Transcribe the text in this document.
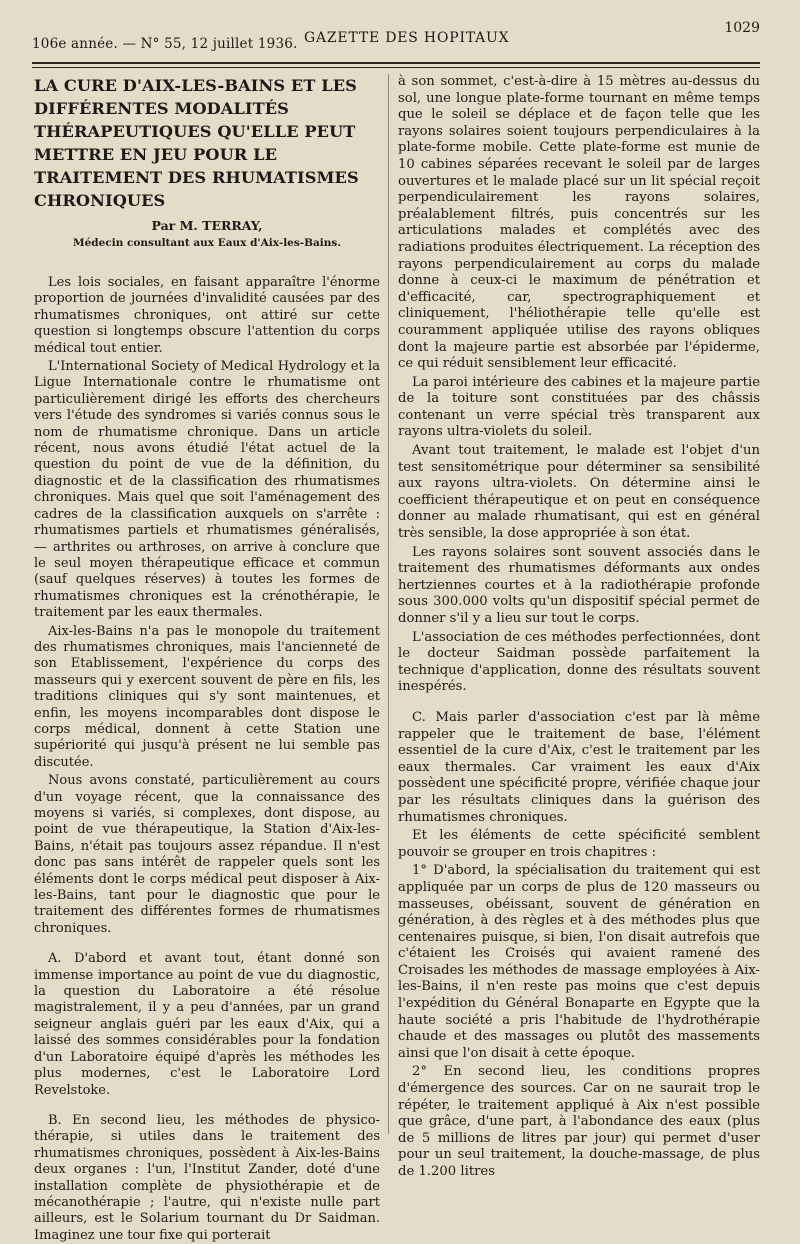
106e année. — N° 55, 12 juillet 1936. GAZETTE DES HOPITAUX
1029
LA CURE D'AIX-LES-BAINS ET LES DIFFÉRENTES MODALITÉS THÉRAPEUTIQUES QU'ELLE PEUT METTRE EN JEU POUR LE TRAITEMENT DES RHUMATISMES CHRONIQUES
Par M. TERRAY,
Médecin consultant aux Eaux d'Aix-les-Bains.

Les lois sociales, en faisant apparaître l'énorme proportion de journées d'invalidité causées par des rhumatismes chroniques, ont attiré sur cette question si longtemps obscure l'attention du corps médical tout entier.

L'International Society of Medical Hydrology et la Ligue Internationale contre le rhumatisme ont particulièrement dirigé les efforts des chercheurs vers l'étude des syndromes si variés connus sous le nom de rhumatisme chronique. Dans un article récent, nous avons étudié l'état actuel de la question du point de vue de la définition, du diagnostic et de la classification des rhumatismes chroniques. Mais quel que soit l'aménagement des cadres de la classification auxquels on s'arrête : rhumatismes partiels et rhumatismes généralisés, — arthrites ou arthroses, on arrive à conclure que le seul moyen thérapeutique efficace et commun (sauf quelques réserves) à toutes les formes de rhumatismes chroniques est la crénothérapie, le traitement par les eaux thermales.

Aix-les-Bains n'a pas le monopole du traitement des rhumatismes chroniques, mais l'ancienneté de son Etablissement, l'expérience du corps des masseurs qui y exercent souvent de père en fils, les traditions cliniques qui s'y sont maintenues, et enfin, les moyens incomparables dont dispose le corps médical, donnent à cette Station une supériorité qui jusqu'à présent ne lui semble pas discutée.

Nous avons constaté, particulièrement au cours d'un voyage récent, que la connaissance des moyens si variés, si complexes, dont dispose, au point de vue thérapeutique, la Station d'Aix-les-Bains, n'était pas toujours assez répandue. Il n'est donc pas sans intérêt de rappeler quels sont les éléments dont le corps médical peut disposer à Aix-les-Bains, tant pour le diagnostic que pour le traitement des différentes formes de rhumatismes chroniques.

A. D'abord et avant tout, étant donné son immense importance au point de vue du diagnostic, la question du Laboratoire a été résolue magistralement, il y a peu d'années, par un grand seigneur anglais guéri par les eaux d'Aix, qui a laissé des sommes considérables pour la fondation d'un Laboratoire équipé d'après les méthodes les plus modernes, c'est le Laboratoire Lord Revelstoke.

B. En second lieu, les méthodes de physico-thérapie, si utiles dans le traitement des rhumatismes chroniques, possèdent à Aix-les-Bains deux organes : l'un, l'Institut Zander, doté d'une installation complète de physiothérapie et de mécanothérapie ; l'autre, qui n'existe nulle part ailleurs, est le Solarium tournant du Dr Saidman. Imaginez une tour fixe qui porterait

à son sommet, c'est-à-dire à 15 mètres au-dessus du sol, une longue plate-forme tournant en même temps que le soleil se déplace et de façon telle que les rayons solaires soient toujours perpendiculaires à la plate-forme mobile. Cette plate-forme est munie de 10 cabines séparées recevant le soleil par de larges ouvertures et le malade placé sur un lit spécial reçoit perpendiculairement les rayons solaires, préalablement filtrés, puis concentrés sur les articulations malades et complétés avec des radiations produites électriquement. La réception des rayons perpendiculairement au corps du malade donne à ceux-ci le maximum de pénétration et d'efficacité, car, spectrographiquement et cliniquement, l'héliothérapie telle qu'elle est couramment appliquée utilise des rayons obliques dont la majeure partie est absorbée par l'épiderme, ce qui réduit sensiblement leur efficacité.

La paroi intérieure des cabines et la majeure partie de la toiture sont constituées par des châssis contenant un verre spécial très transparent aux rayons ultra-violets du soleil.

Avant tout traitement, le malade est l'objet d'un test sensitométrique pour déterminer sa sensibilité aux rayons ultra-violets. On détermine ainsi le coefficient thérapeutique et on peut en conséquence donner au malade rhumatisant, qui est en général très sensible, la dose appropriée à son état.

Les rayons solaires sont souvent associés dans le traitement des rhumatismes déformants aux ondes hertziennes courtes et à la radiothérapie profonde sous 300.000 volts qu'un dispositif spécial permet de donner s'il y a lieu sur tout le corps.

L'association de ces méthodes perfectionnées, dont le docteur Saidman possède parfaitement la technique d'application, donne des résultats souvent inespérés.

C. Mais parler d'association c'est par là même rappeler que le traitement de base, l'élément essentiel de la cure d'Aix, c'est le traitement par les eaux thermales. Car vraiment les eaux d'Aix possèdent une spécificité propre, vérifiée chaque jour par les résultats cliniques dans la guérison des rhumatismes chroniques.

Et les éléments de cette spécificité semblent pouvoir se grouper en trois chapitres :

1° D'abord, la spécialisation du traitement qui est appliquée par un corps de plus de 120 masseurs ou masseuses, obéissant, souvent de génération en génération, à des règles et à des méthodes plus que centenaires puisque, si bien, l'on disait autrefois que c'étaient les Croisés qui avaient ramené des Croisades les méthodes de massage employées à Aix-les-Bains, il n'en reste pas moins que c'est depuis l'expédition du Général Bonaparte en Egypte que la haute société a pris l'habitude de l'hydrothérapie chaude et des massages ou plutôt des massements ainsi que l'on disait à cette époque.

2° En second lieu, les conditions propres d'émergence des sources. Car on ne saurait trop le répéter, le traitement appliqué à Aix n'est possible que grâce, d'une part, à l'abondance des eaux (plus de 5 millions de litres par jour) qui permet d'user pour un seul traitement, la douche-massage, de plus de 1.200 litres
